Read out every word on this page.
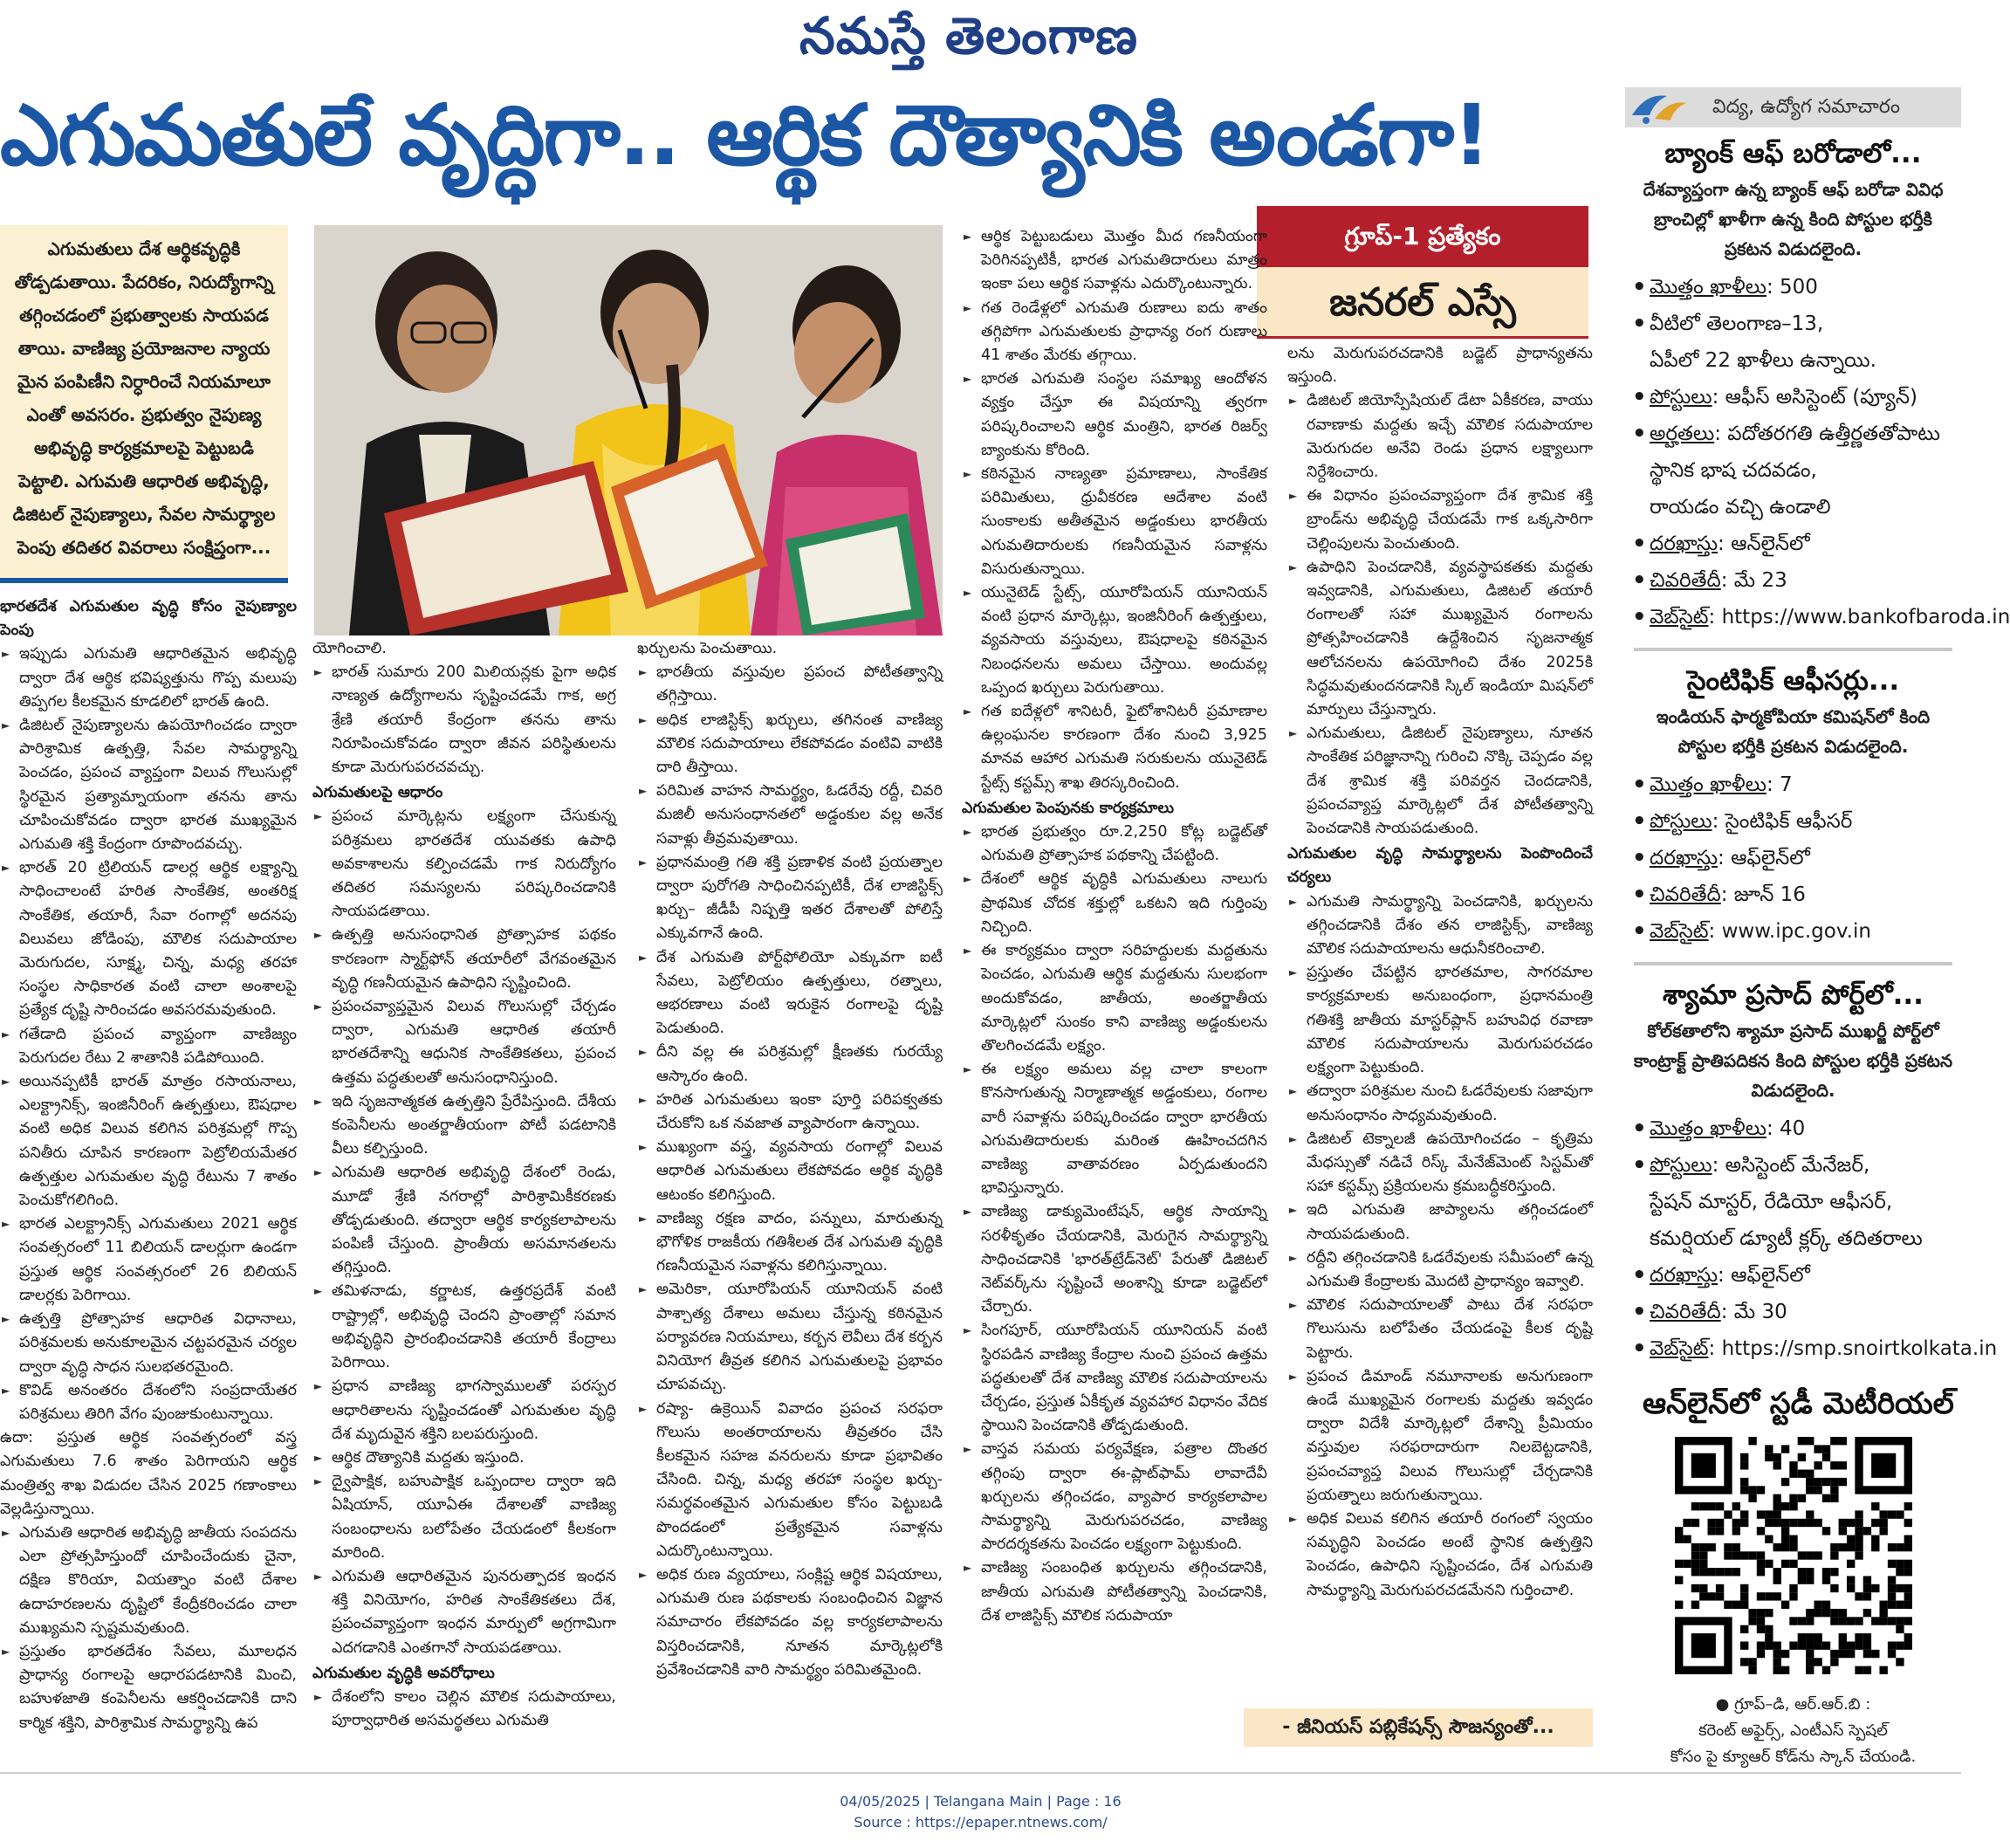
నమస్తే తెలంగాణ
ఎగుమతులే వృద్ధిగా.. ఆర్థిక దౌత్యానికి అండగా!

ఎగుమతులు దేశ ఆర్థికవృద్ధికి తోడ్పడుతాయి. పేదరికం, నిరుద్యోగాన్ని తగ్గించడంలో ప్రభుత్వాలకు సాయపడ తాయి. వాణిజ్య ప్రయోజనాల న్యాయ మైన పంపిణీని నిర్ధారించే నియమాలూ ఎంతో అవసరం. ప్రభుత్వం నైపుణ్య అభివృద్ధి కార్యక్రమాలపై పెట్టుబడి పెట్టాలి. ఎగుమతి ఆధారిత అభివృద్ధి, డిజిటల్ నైపుణ్యాలు, సేవల సామర్థ్యాల పెంపు తదితర వివరాలు సంక్షిప్తంగా...

గ్రూప్-1 ప్రత్యేకం
జనరల్ ఎస్సే

భారతదేశ ఎగుమతుల వృద్ధి కోసం నైపుణ్యాల పెంపు

► ఇప్పుడు ఎగుమతి ఆధారితమైన అభివృద్ధి ద్వారా దేశ ఆర్థిక భవిష్యత్తును గొప్ప మలుపు తిప్పగల కీలకమైన కూడలిలో భారత్ ఉంది.

► డిజిటల్ నైపుణ్యాలను ఉపయోగించడం ద్వారా పారిశ్రామిక ఉత్పత్తి, సేవల సామర్థ్యాన్ని పెంచడం, ప్రపంచ వ్యాప్తంగా విలువ గొలుసుల్లో స్థిరమైన ప్రత్యామ్నాయంగా తనను తాను చూపించుకోవడం ద్వారా భారత ముఖ్యమైన ఎగుమతి శక్తి కేంద్రంగా రూపొందవచ్చు.

► భారత్ 20 ట్రిలియన్ డాలర్ల ఆర్థిక లక్ష్యాన్ని సాధించాలంటే హరిత సాంకేతిక, అంతరిక్ష సాంకేతిక, తయారీ, సేవా రంగాల్లో అదనపు విలువలు జోడింపు, మౌలిక సదుపాయాల మెరుగుదల, సూక్ష్మ, చిన్న, మధ్య తరహా సంస్థల సాధికారత వంటి చాలా అంశాలపై ప్రత్యేక దృష్టి సారించడం అవసరమవుతుంది.

► గతేడాది ప్రపంచ వ్యాప్తంగా వాణిజ్యం పెరుగుదల రేటు 2 శాతానికి పడిపోయింది.

► అయినప్పటికీ భారత్ మాత్రం రసాయనాలు, ఎలక్ట్రానిక్స్, ఇంజినీరింగ్ ఉత్పత్తులు, ఔషధాల వంటి అధిక విలువ కలిగిన పరిశ్రమల్లో గొప్ప పనితీరు చూపిన కారణంగా పెట్రోలియమేతర ఉత్పత్తుల ఎగుమతుల వృద్ధి రేటును 7 శాతం పెంచుకోగలిగింది.

► భారత ఎలక్ట్రానిక్స్ ఎగుమతులు 2021 ఆర్థిక సంవత్సరంలో 11 బిలియన్ డాలర్లుగా ఉండగా ప్రస్తుత ఆర్థిక సంవత్సరంలో 26 బిలియన్ డాలర్లకు పెరిగాయి.

► ఉత్పత్తి ప్రోత్సాహక ఆధారిత విధానాలు, పరిశ్రమలకు అనుకూలమైన చట్టపరమైన చర్యల ద్వారా వృద్ధి సాధన సులభతరమైంది.

► కొవిడ్ అనంతరం దేశంలోని సంప్రదాయేతర పరిశ్రమలు తిరిగి వేగం పుంజుకుంటున్నాయి.

ఉదా: ప్రస్తుత ఆర్థిక సంవత్సరంలో వస్త్ర ఎగుమతులు 7.6 శాతం పెరిగాయని ఆర్థిక మంత్రిత్వ శాఖ విడుదల చేసిన 2025 గణాంకాలు వెల్లడిస్తున్నాయి.

► ఎగుమతి ఆధారిత అభివృద్ధి జాతీయ సంపదను ఎలా ప్రోత్సహిస్తుందో చూపించేందుకు చైనా, దక్షిణ కొరియా, వియత్నాం వంటి దేశాల ఉదాహరణలను దృష్టిలో కేంద్రీకరించడం చాలా ముఖ్యమని స్పష్టమవుతుంది.

► ప్రస్తుతం భారతదేశం సేవలు, మూలధన ప్రాధాన్య రంగాలపై ఆధారపడటానికి మించి, బహుళజాతి కంపెనీలను ఆకర్షించడానికి దాని కార్మిక శక్తిని, పారిశ్రామిక సామర్థ్యాన్ని ఉప

యోగించాలి.

► భారత్ సుమారు 200 మిలియన్లకు పైగా అధిక నాణ్యత ఉద్యోగాలను సృష్టించడమే గాక, అగ్ర శ్రేణి తయారీ కేంద్రంగా తనను తాను నిరూపించుకోవడం ద్వారా జీవన పరిస్థితులను కూడా మెరుగుపరచవచ్చు.

ఎగుమతులపై ఆధారం

► ప్రపంచ మార్కెట్లను లక్ష్యంగా చేసుకున్న పరిశ్రమలు భారతదేశ యువతకు ఉపాధి అవకాశాలను కల్పించడమే గాక నిరుద్యోగం తదితర సమస్యలను పరిష్కరించడానికి సాయపడతాయి.

► ఉత్పత్తి అనుసంధానిత ప్రోత్సాహక పథకం కారణంగా స్మార్ట్‌ఫోన్ తయారీలో వేగవంతమైన వృద్ధి గణనీయమైన ఉపాధిని సృష్టించింది.

► ప్రపంచవ్యాప్తమైన విలువ గొలుసుల్లో చేర్చడం ద్వారా, ఎగుమతి ఆధారిత తయారీ భారతదేశాన్ని ఆధునిక సాంకేతికతలు, ప్రపంచ ఉత్తమ పద్ధతులతో అనుసంధానిస్తుంది.

► ఇది సృజనాత్మకత ఉత్పత్తిని ప్రేరేపిస్తుంది. దేశీయ కంపెనీలను అంతర్జాతీయంగా పోటీ పడటానికి వీలు కల్పిస్తుంది.

► ఎగుమతి ఆధారిత అభివృద్ధి దేశంలో రెండు, మూడో శ్రేణి నగరాల్లో పారిశ్రామికీకరణకు తోడ్పడుతుంది. తద్వారా ఆర్థిక కార్యకలాపాలను పంపిణీ చేస్తుంది. ప్రాంతీయ అసమానతలను తగ్గిస్తుంది.

► తమిళనాడు, కర్ణాటక, ఉత్తరప్రదేశ్ వంటి రాష్ట్రాల్లో, అభివృద్ధి చెందని ప్రాంతాల్లో సమాన అభివృద్ధిని ప్రారంభించడానికి తయారీ కేంద్రాలు పెరిగాయి.

► ప్రధాన వాణిజ్య భాగస్వాములతో పరస్పర ఆధారితాలను సృష్టించడంతో ఎగుమతుల వృద్ధి దేశ మృదువైన శక్తిని బలపరుస్తుంది.

► ఆర్థిక దౌత్యానికి మద్దతు ఇస్తుంది.

► ద్వైపాక్షిక, బహుపాక్షిక ఒప్పందాల ద్వారా ఇది ఏషియాన్, యూఏఈ దేశాలతో వాణిజ్య సంబంధాలను బలోపేతం చేయడంలో కీలకంగా మారింది.

► ఎగుమతి ఆధారితమైన పునరుత్పాదక ఇంధన శక్తి వినియోగం, హరిత సాంకేతికతలు దేశ, ప్రపంచవ్యాప్తంగా ఇంధన మార్పులో అగ్రగామిగా ఎదగడానికి ఎంతగానో సాయపడతాయి.

ఎగుమతుల వృద్ధికి అవరోధాలు

► దేశంలోని కాలం చెల్లిన మౌలిక సదుపాయాలు, పూర్వాధారిత అసమర్థతలు ఎగుమతి

ఖర్చులను పెంచుతాయి.

► భారతీయ వస్తువుల ప్రపంచ పోటీతత్వాన్ని తగ్గిస్తాయి.

► అధిక లాజిస్టిక్స్ ఖర్చులు, తగినంత వాణిజ్య మౌలిక సదుపాయాలు లేకపోవడం వంటివి వాటికి దారి తీస్తాయి.

► పరిమిత వాహన సామర్థ్యం, ఓడరేవు రద్దీ, చివరి మజిలీ అనుసంధానతలో అడ్డంకుల వల్ల అనేక సవాళ్లు తీవ్రమవుతాయి.

► ప్రధానమంత్రి గతి శక్తి ప్రణాళిక వంటి ప్రయత్నాల ద్వారా పురోగతి సాధించినప్పటికీ, దేశ లాజిస్టిక్స్ ఖర్చు– జీడీపీ నిష్పత్తి ఇతర దేశాలతో పోలిస్తే ఎక్కువగానే ఉంది.

► దేశ ఎగుమతి పోర్ట్‌ఫోలియో ఎక్కువగా ఐటీ సేవలు, పెట్రోలియం ఉత్పత్తులు, రత్నాలు, ఆభరణాలు వంటి ఇరుకైన రంగాలపై దృష్టి పెడుతుంది.

► దీని వల్ల ఈ పరిశ్రమల్లో క్షీణతకు గురయ్యే ఆస్కారం ఉంది.

► హరిత ఎగుమతులు ఇంకా పూర్తి పరిపక్వతకు చేరుకోని ఒక నవజాత వ్యాపారంగా ఉన్నాయి.

► ముఖ్యంగా వస్త్ర, వ్యవసాయ రంగాల్లో విలువ ఆధారిత ఎగుమతులు లేకపోవడం ఆర్థిక వృద్ధికి ఆటంకం కలిగిస్తుంది.

► వాణిజ్య రక్షణ వాదం, పన్నులు, మారుతున్న భౌగోళిక రాజకీయ గతిశీలత దేశ ఎగుమతి వృద్ధికి గణనీయమైన సవాళ్లను కలిగిస్తున్నాయి.

► అమెరికా, యూరోపియన్ యూనియన్ వంటి పాశ్చాత్య దేశాలు అమలు చేస్తున్న కఠినమైన పర్యావరణ నియమాలు, కర్బన లెవీలు దేశ కర్బన వినియోగ తీవ్రత కలిగిన ఎగుమతులపై ప్రభావం చూపవచ్చు.

► రష్యా- ఉక్రెయిన్ వివాదం ప్రపంచ సరఫరా గొలుసు అంతరాయాలను తీవ్రతరం చేసి కీలకమైన సహజ వనరులను కూడా ప్రభావితం చేసింది. చిన్న, మధ్య తరహా సంస్థల ఖర్చు- సమర్థవంతమైన ఎగుమతుల కోసం పెట్టుబడి పొందడంలో ప్రత్యేకమైన సవాళ్లను ఎదుర్కొంటున్నాయి.

► అధిక రుణ వ్యయాలు, సంక్లిష్ట ఆర్థిక విషయాలు, ఎగుమతి రుణ పథకాలకు సంబంధించిన విజ్ఞాన సమాచారం లేకపోవడం వల్ల కార్యకలాపాలను విస్తరించడానికి, నూతన మార్కెట్లలోకి ప్రవేశించడానికి వారి సామర్థ్యం పరిమితమైంది.

► ఆర్థిక పెట్టుబడులు మొత్తం మీద గణనీయంగా పెరిగినప్పటికీ, భారత ఎగుమతిదారులు మాత్రం ఇంకా పలు ఆర్థిక సవాళ్లను ఎదుర్కొంటున్నారు.

► గత రెండేళ్లలో ఎగుమతి రుణాలు ఐదు శాతం తగ్గిపోగా ఎగుమతులకు ప్రాధాన్య రంగ రుణాలు 41 శాతం మేరకు తగ్గాయి.

► భారత ఎగుమతి సంస్థల సమాఖ్య ఆందోళన వ్యక్తం చేస్తూ ఈ విషయాన్ని త్వరగా పరిష్కరించాలని ఆర్థిక మంత్రిని, భారత రిజర్వ్ బ్యాంకును కోరింది.

► కఠినమైన నాణ్యతా ప్రమాణాలు, సాంకేతిక పరిమితులు, ధ్రువీకరణ ఆదేశాల వంటి సుంకాలకు అతీతమైన అడ్డంకులు భారతీయ ఎగుమతిదారులకు గణనీయమైన సవాళ్లను విసురుతున్నాయి.

► యునైటెడ్ స్టేట్స్, యూరోపియన్ యూనియన్ వంటి ప్రధాన మార్కెట్లు, ఇంజినీరింగ్ ఉత్పత్తులు, వ్యవసాయ వస్తువులు, ఔషధాలపై కఠినమైన నిబంధనలను అమలు చేస్తాయి. అందువల్ల ఒప్పంద ఖర్చులు పెరుగుతాయి.

► గత ఐదేళ్లలో శానిటరీ, ఫైటోశానిటరీ ప్రమాణాల ఉల్లంఘనల కారణంగా దేశం నుంచి 3,925 మానవ ఆహార ఎగుమతి సరుకులను యునైటెడ్ స్టేట్స్ కస్టమ్స్ శాఖ తిరస్కరించింది.

ఎగుమతుల పెంపునకు కార్యక్రమాలు

► భారత ప్రభుత్వం రూ.2,250 కోట్ల బడ్జెట్‌తో ఎగుమతి ప్రోత్సాహక పథకాన్ని చేపట్టింది.

► దేశంలో ఆర్థిక వృద్ధికి ఎగుమతులు నాలుగు ప్రాథమిక చోదక శక్తుల్లో ఒకటని ఇది గుర్తింపు నిచ్చింది.

► ఈ కార్యక్రమం ద్వారా సరిహద్దులకు మద్దతును పెంచడం, ఎగుమతి ఆర్థిక మద్దతును సులభంగా అందుకోవడం, జాతీయ, అంతర్జాతీయ మార్కెట్లలో సుంకం కాని వాణిజ్య అడ్డంకులను తొలగించడమే లక్ష్యం.

► ఈ లక్ష్యం అమలు వల్ల చాలా కాలంగా కొనసాగుతున్న నిర్మాణాత్మక అడ్డంకులు, రంగాల వారీ సవాళ్లను పరిష్కరించడం ద్వారా భారతీయ ఎగుమతిదారులకు మరింత ఊహించదగిన వాణిజ్య వాతావరణం ఏర్పడుతుందని భావిస్తున్నారు.

► వాణిజ్య డాక్యుమెంటేషన్, ఆర్థిక సాయాన్ని సరళీకృతం చేయడానికి, మెరుగైన సామర్థ్యాన్ని సాధించడానికి 'భారత్‌ట్రేడ్‌నెట్' పేరుతో డిజిటల్ నెట్‌వర్క్‌ను సృష్టించే అంశాన్ని కూడా బడ్జెట్‌లో చేర్చారు.

► సింగపూర్, యూరోపియన్ యూనియన్ వంటి స్థిరపడిన వాణిజ్య కేంద్రాల నుంచి ప్రపంచ ఉత్తమ పద్ధతులతో దేశ వాణిజ్య మౌలిక సదుపాయాలను చేర్చడం, ప్రస్తుత ఏకీకృత వ్యవహార విధానం వేదిక స్థాయిని పెంచడానికి తోడ్పడుతుంది.

► వాస్తవ సమయ పర్యవేక్షణ, పత్రాల దొంతర తగ్గింపు ద్వారా ఈ-ప్లాట్‌ఫామ్ లావాదేవీ ఖర్చులను తగ్గించడం, వ్యాపార కార్యకలాపాల సామర్థ్యాన్ని మెరుగుపరచడం, వాణిజ్య పారదర్శకతను పెంచడం లక్ష్యంగా పెట్టుకుంది.

► వాణిజ్య సంబంధిత ఖర్చులను తగ్గించడానికి, జాతీయ ఎగుమతి పోటీతత్వాన్ని పెంచడానికి, దేశ లాజిస్టిక్స్ మౌలిక సదుపాయా

లను మెరుగుపరచడానికి బడ్జెట్ ప్రాధాన్యతను ఇస్తుంది.

► డిజిటల్ జియోస్పేషియల్ డేటా ఏకీకరణ, వాయు రవాణాకు మద్దతు ఇచ్చే మౌలిక సదుపాయాల మెరుగుదల అనేవి రెండు ప్రధాన లక్ష్యాలుగా నిర్దేశించారు.

► ఈ విధానం ప్రపంచవ్యాప్తంగా దేశ శ్రామిక శక్తి బ్రాండ్‌ను అభివృద్ధి చేయడమే గాక ఒక్కసారిగా చెల్లింపులను పెంచుతుంది.

► ఉపాధిని పెంచడానికి, వ్యవస్థాపకతకు మద్దతు ఇవ్వడానికి, ఎగుమతులు, డిజిటల్ తయారీ రంగాలతో సహా ముఖ్యమైన రంగాలను ప్రోత్సహించడానికి ఉద్దేశించిన సృజనాత్మక ఆలోచనలను ఉపయోగించి దేశం 2025కి సిద్ధమవుతుందనడానికి స్కిల్ ఇండియా మిషన్‌లో మార్పులు చేస్తున్నారు.

► ఎగుమతులు, డిజిటల్ నైపుణ్యాలు, నూతన సాంకేతిక పరిజ్ఞానాన్ని గురించి నొక్కి చెప్పడం వల్ల దేశ శ్రామిక శక్తి పరివర్తన చెందడానికి, ప్రపంచవ్యాప్త మార్కెట్లలో దేశ పోటీతత్వాన్ని పెంచడానికి సాయపడుతుంది.

ఎగుమతుల వృద్ధి సామర్థ్యాలను పెంపొందించే చర్యలు

► ఎగుమతి సామర్థ్యాన్ని పెంచడానికి, ఖర్చులను తగ్గించడానికి దేశం తన లాజిస్టిక్స్, వాణిజ్య మౌలిక సదుపాయాలను ఆధునీకరించాలి.

► ప్రస్తుతం చేపట్టిన భారతమాల, సాగరమాల కార్యక్రమాలకు అనుబంధంగా, ప్రధానమంత్రి గతిశక్తి జాతీయ మాస్టర్‌ప్లాన్ బహువిధ రవాణా మౌలిక సదుపాయాలను మెరుగుపరచడం లక్ష్యంగా పెట్టుకుంది.

► తద్వారా పరిశ్రమల నుంచి ఓడరేవులకు సజావుగా అనుసంధానం సాధ్యమవుతుంది.

► డిజిటల్ టెక్నాలజీ ఉపయోగించడం – కృత్రిమ మేధస్సుతో నడిచే రిస్క్ మేనేజ్‌మెంట్ సిస్టమ్‌తో సహా కస్టమ్స్ ప్రక్రియలను క్రమబద్ధీకరిస్తుంది.

► ఇది ఎగుమతి జాప్యాలను తగ్గించడంలో సాయపడుతుంది.

► రద్దీని తగ్గించడానికి ఓడరేవులకు సమీపంలో ఉన్న ఎగుమతి కేంద్రాలకు మొదటి ప్రాధాన్యం ఇవ్వాలి.

► మౌలిక సదుపాయాలతో పాటు దేశ సరఫరా గొలుసును బలోపేతం చేయడంపై కీలక దృష్టి పెట్టారు.

► ప్రపంచ డిమాండ్ నమూనాలకు అనుగుణంగా ఉండే ముఖ్యమైన రంగాలకు మద్దతు ఇవ్వడం ద్వారా విదేశీ మార్కెట్లలో దేశాన్ని ప్రీమియం వస్తువుల సరఫరాదారుగా నిలబెట్టడానికి, ప్రపంచవ్యాప్త విలువ గొలుసుల్లో చేర్చడానికి ప్రయత్నాలు జరుగుతున్నాయి.

► అధిక విలువ కలిగిన తయారీ రంగంలో స్వయం సమృద్ధిని పెంచడం అంటే స్థానిక ఉత్పత్తిని పెంచడం, ఉపాధిని సృష్టించడం, దేశ ఎగుమతి సామర్థ్యాన్ని మెరుగుపరచడమేనని గుర్తించాలి.

- జీనియస్ పబ్లికేషన్స్ సౌజన్యంతో...
విద్య, ఉద్యోగ సమాచారం
బ్యాంక్ ఆఫ్ బరోడాలో...
దేశవ్యాప్తంగా ఉన్న బ్యాంక్ ఆఫ్ బరోడా వివిధ బ్రాంచిల్లో ఖాళీగా ఉన్న కింది పోస్టుల భర్తీకి ప్రకటన విడుదలైంది.
• మొత్తం ఖాళీలు: 500
• వీటిలో తెలంగాణ–13,
ఏపీలో 22 ఖాళీలు ఉన్నాయి.
• పోస్టులు: ఆఫీస్ అసిస్టెంట్ (ప్యూన్)
• అర్హతలు: పదోతరగతి ఉత్తీర్ణతతోపాటు
స్థానిక భాష చదవడం,
రాయడం వచ్చి ఉండాలి
• దరఖాస్తు: ఆన్‌లైన్‌లో
• చివరితేదీ: మే 23
• వెబ్‌సైట్: https://www.bankofbaroda.in
సైంటిఫిక్ ఆఫీసర్లు...
ఇండియన్ ఫార్మకోపియా కమిషన్‌లో కింది పోస్టుల భర్తీకి ప్రకటన విడుదలైంది.
• మొత్తం ఖాళీలు: 7
• పోస్టులు: సైంటిఫిక్ ఆఫీసర్
• దరఖాస్తు: ఆఫ్‌లైన్‌లో
• చివరితేదీ: జూన్ 16
• వెబ్‌సైట్: www.ipc.gov.in
శ్యామా ప్రసాద్ పోర్ట్‌లో...
కోల్‌కతాలోని శ్యామా ప్రసాద్ ముఖర్జీ పోర్ట్‌లో కాంట్రాక్ట్ ప్రాతిపదికన కింది పోస్టుల భర్తీకి ప్రకటన విడుదలైంది.
• మొత్తం ఖాళీలు: 40
• పోస్టులు: అసిస్టెంట్ మేనేజర్,
స్టేషన్ మాస్టర్, రేడియో ఆఫీసర్,
కమర్షియల్ డ్యూటీ క్లర్క్ తదితరాలు
• దరఖాస్తు: ఆఫ్‌లైన్‌లో
• చివరితేదీ: మే 30
• వెబ్‌సైట్: https://smp.snoirtkolkata.in
ఆన్‌లైన్‌లో స్టడీ మెటీరియల్
● గ్రూప్–డి, ఆర్.ఆర్.బి :
కరెంట్ అఫైర్స్, ఎంటీఎస్ స్పెషల్
కోసం పై క్యూఆర్ కోడ్‌ను స్కాన్ చేయండి.
04/05/2025 | Telangana Main | Page : 16
Source : https://epaper.ntnews.com/
